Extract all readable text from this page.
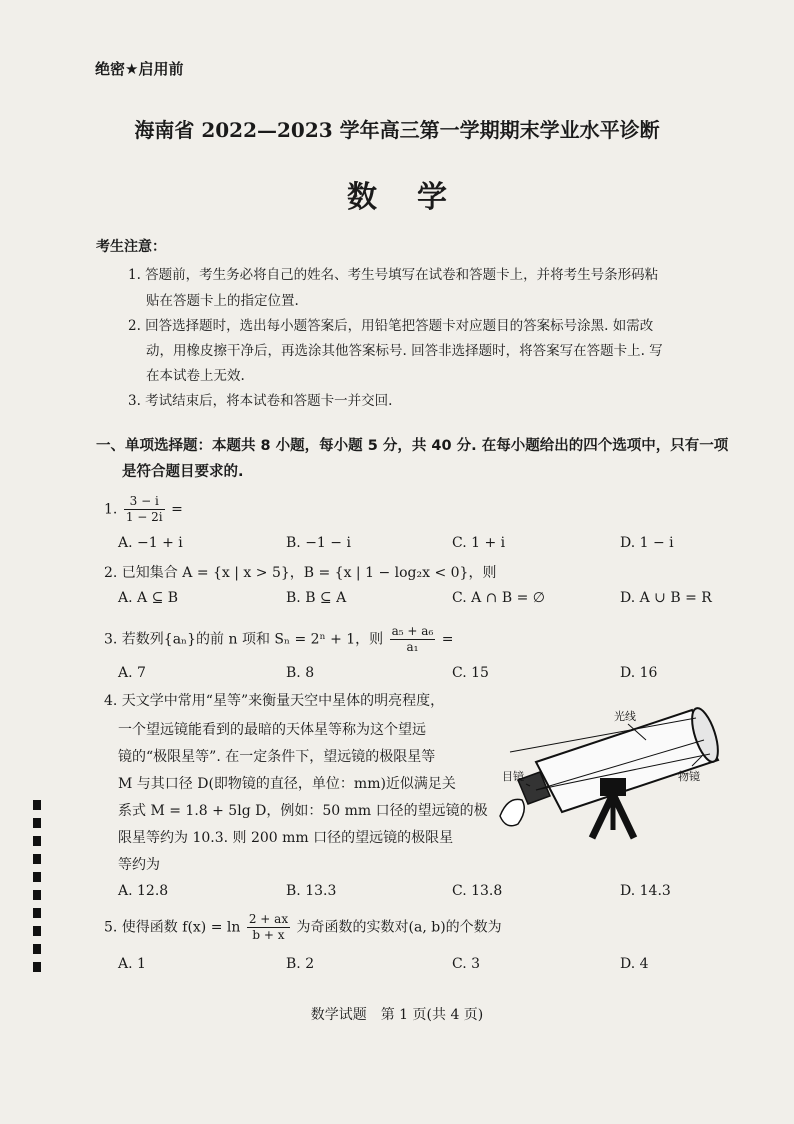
绝密★启用前
海南省 2022—2023 学年高三第一学期期末学业水平诊断
数学
考生注意：
1. 答题前，考生务必将自己的姓名、考生号填写在试卷和答题卡上，并将考生号条形码粘
贴在答题卡上的指定位置.
2. 回答选择题时，选出每小题答案后，用铅笔把答题卡对应题目的答案标号涂黑. 如需改
动，用橡皮擦干净后，再选涂其他答案标号. 回答非选择题时，将答案写在答题卡上. 写
在本试卷上无效.
3. 考试结束后，将本试卷和答题卡一并交回.
一、单项选择题：本题共 8 小题，每小题 5 分，共 40 分. 在每小题给出的四个选项中，只有一项
是符合题目要求的.
1. $\frac{3 - i}{1 - 2i}$ =
A. −1 + i	B. −1 − i	C. 1 + i	D. 1 − i
2. 已知集合 A = {x | x > 5}，B = {x | 1 − log₂x < 0}，则
A. A ⊆ B	B. B ⊆ A	C. A ∩ B = ∅	D. A ∪ B = R
3. 若数列{aₙ}的前 n 项和 Sₙ = 2ⁿ + 1，则 $\frac{\text{a₅ + a₆}}{\text{a₁}}$ =
A. 7	B. 8	C. 15	D. 16
4. 天文学中常用“星等”来衡量天空中星体的明亮程度，
一个望远镜能看到的最暗的天体星等称为这个望远
镜的“极限星等”. 在一定条件下，望远镜的极限星等
M 与其口径 D(即物镜的直径，单位：mm)近似满足关
系式 M = 1.8 + 5lg D，例如：50 mm 口径的望远镜的极
限星等约为 10.3. 则 200 mm 口径的望远镜的极限星
等约为
光线
目镜	物镜
A. 12.8	B. 13.3	C. 13.8	D. 14.3
5. 使得函数 $f(x) = \ln \frac{2 + ax}{b + x}$ 为奇函数的实数对(a, b)的个数为
A. 1	B. 2	C. 3	D. 4
数学试题　第 1 页(共 4 页)
